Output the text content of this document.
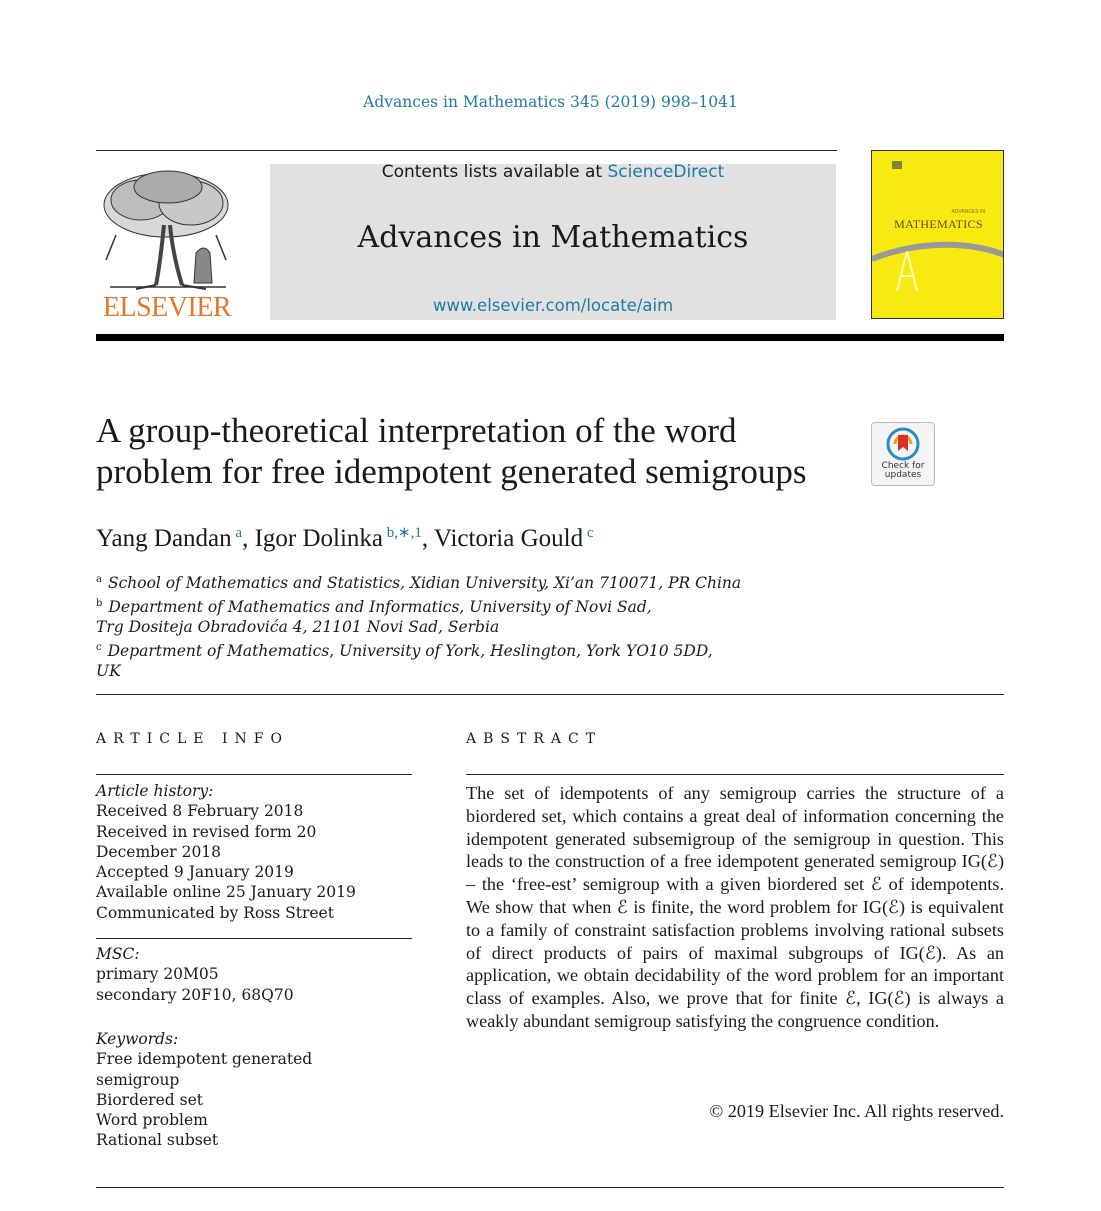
Advances in Mathematics 345 (2019) 998–1041
ELSEVIER
Contents lists available at ScienceDirect
Advances in Mathematics
www.elsevier.com/locate/aim
ADVANCES IN
MATHEMATICS
A group-theoretical interpretation of the word
problem for free idempotent generated semigroups	Check for
updates
Yang Dandan $^a$, Igor Dolinka $^{b,∗,1}$, Victoria Gould $^c$
$^a$ School of Mathematics and Statistics, Xidian University, Xi’an 710071, PR China
$^b$ Department of Mathematics and Informatics, University of Novi Sad,
Trg Dositeja Obradovića 4, 21101 Novi Sad, Serbia
$^c$ Department of Mathematics, University of York, Heslington, York YO10 5DD,
UK
ARTICLE INFO	ABSTRACT
Article history:
Received 8 February 2018
Received in revised form 20
December 2018
Accepted 9 January 2019
Available online 25 January 2019
Communicated by Ross Street
MSC:
primary 20M05
secondary 20F10, 68Q70
Keywords:
Free idempotent generated
semigroup
Biordered set
Word problem
Rational subset
The set of idempotents of any semigroup carries the structure of a biordered set, which contains a great deal of information concerning the idempotent generated subsemigroup of the semigroup in question. This leads to the construction of a free idempotent generated semigroup IG(ℰ) – the ‘free-est’ semigroup with a given biordered set ℰ of idempotents. We show that when ℰ is finite, the word problem for IG(ℰ) is equivalent to a family of constraint satisfaction problems involving rational subsets of direct products of pairs of maximal subgroups of IG(ℰ). As an application, we obtain decidability of the word problem for an important class of examples. Also, we prove that for finite ℰ, IG(ℰ) is always a weakly abundant semigroup satisfying the congruence condition.
© 2019 Elsevier Inc. All rights reserved.
